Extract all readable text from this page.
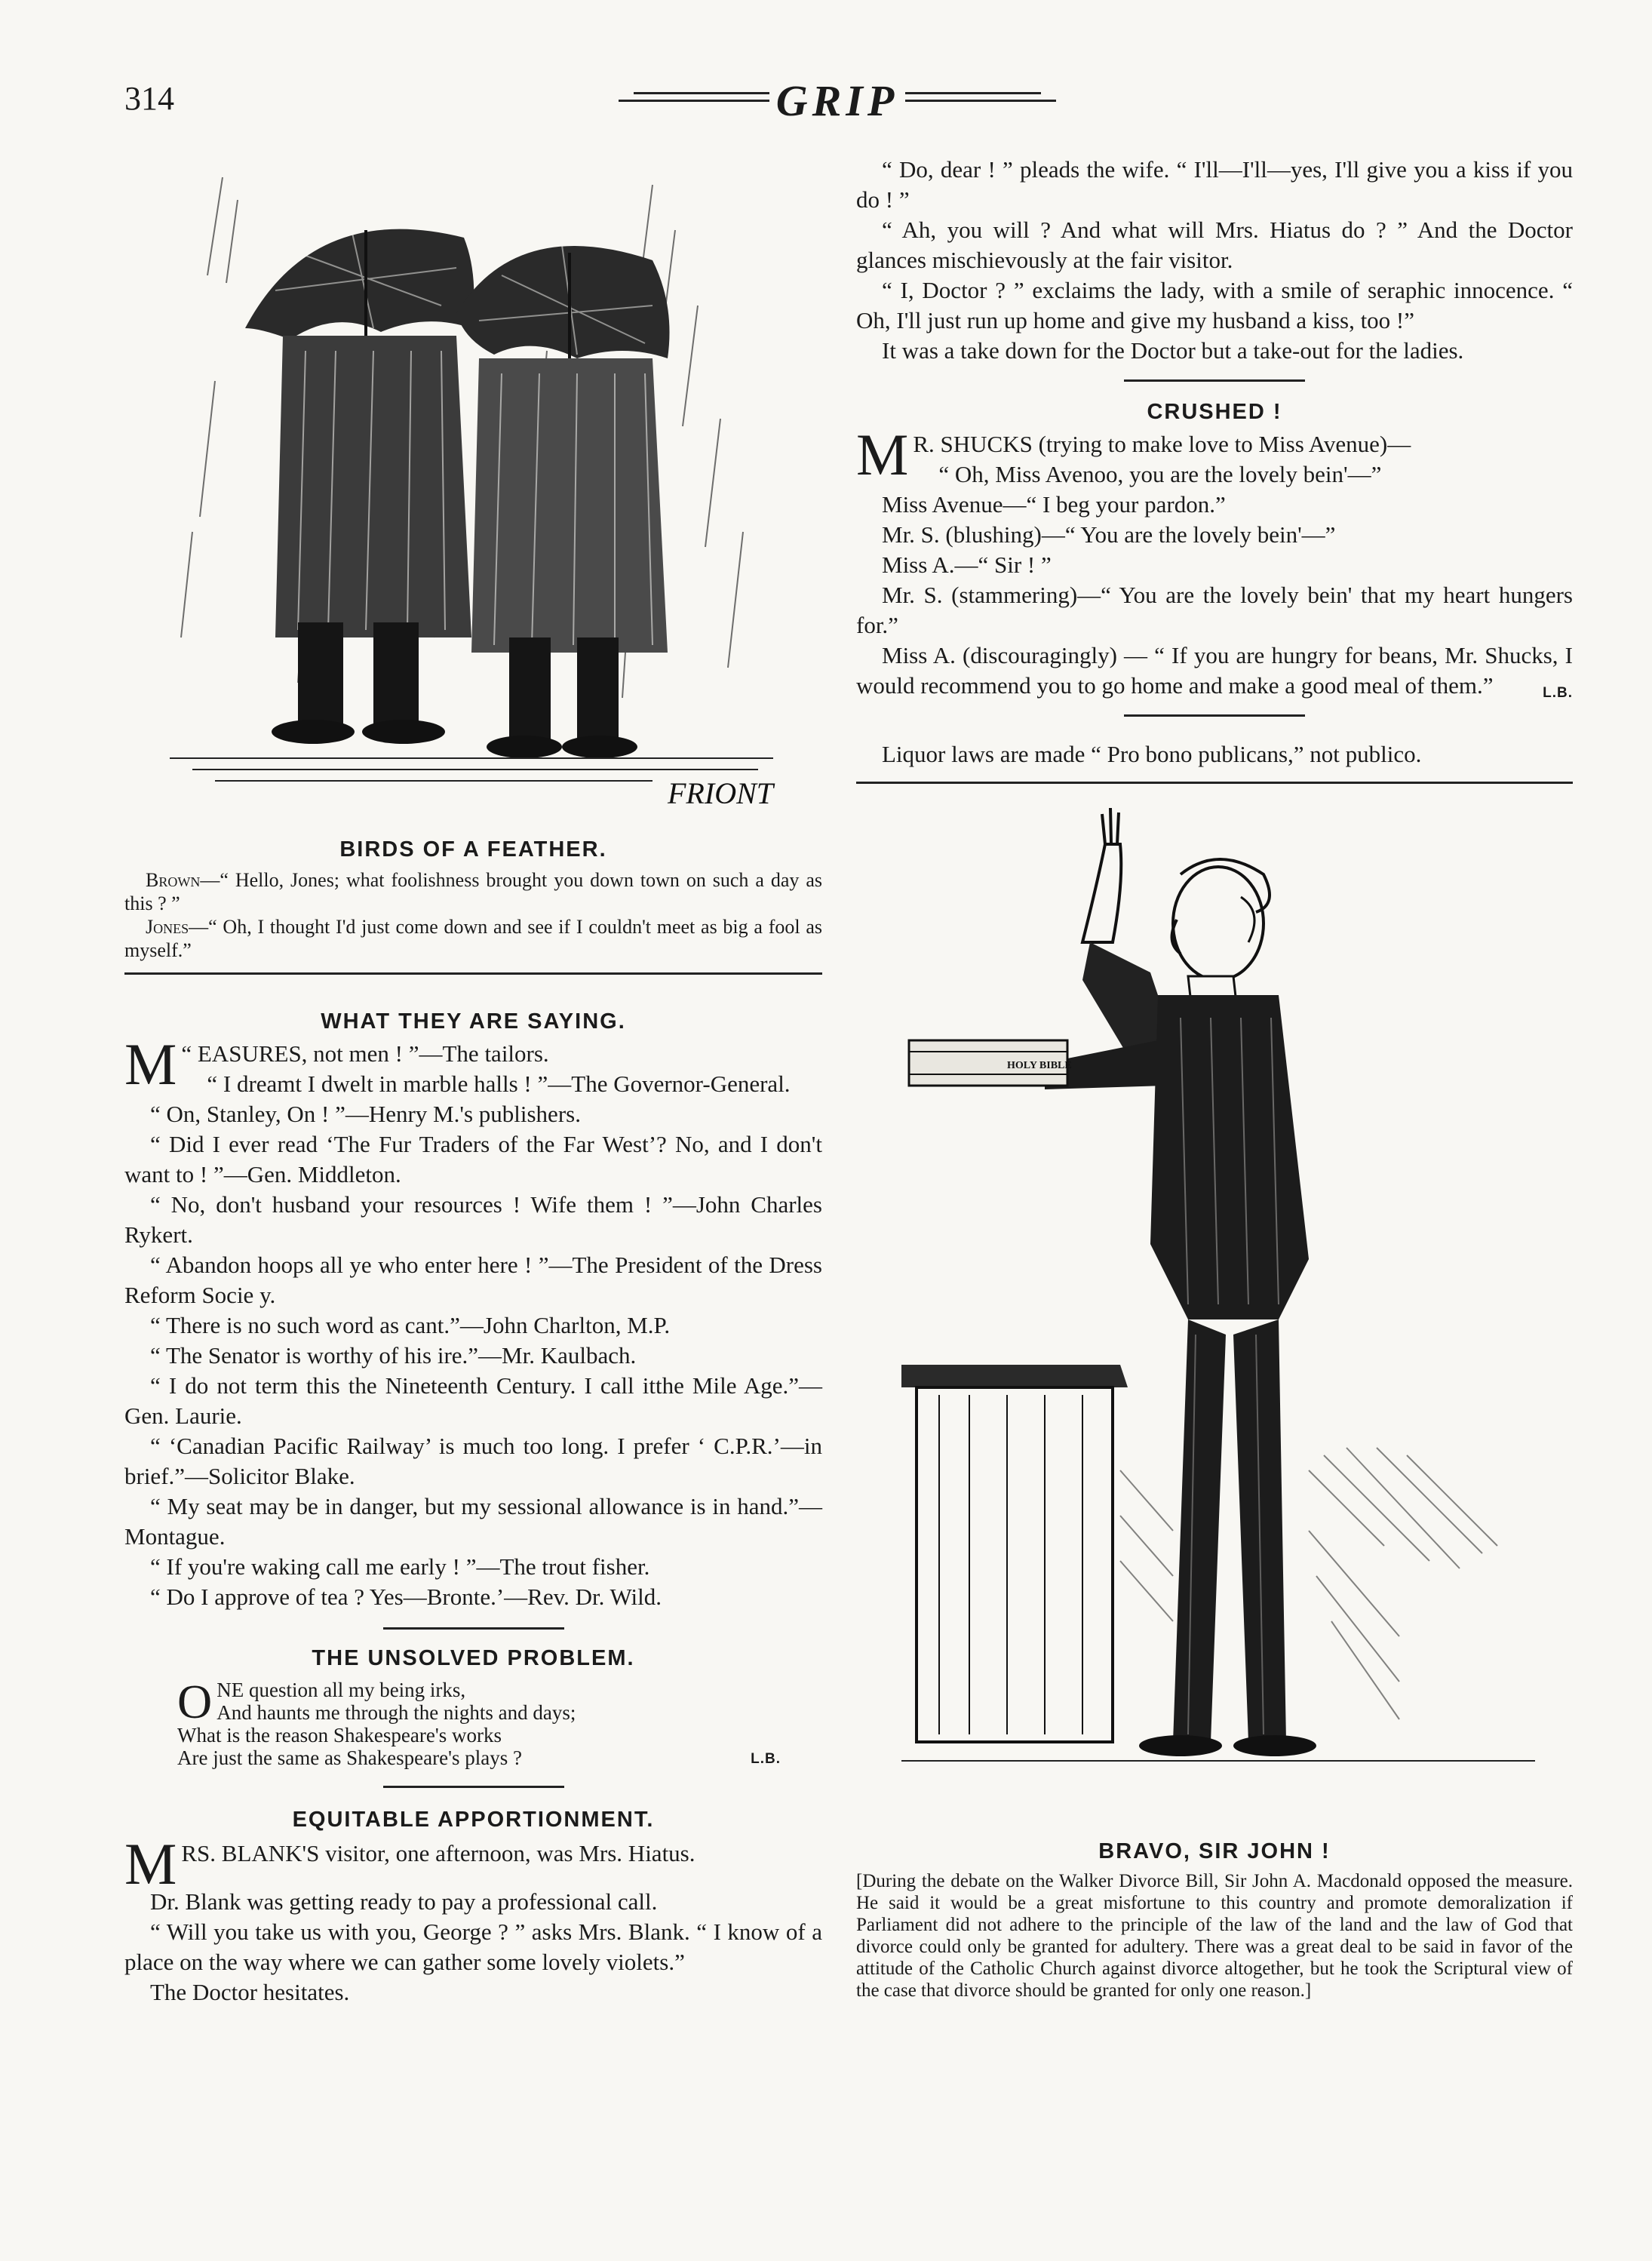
314	GRIP
FRIONT

BIRDS OF A FEATHER.

Brown—“ Hello, Jones; what foolishness brought you down town on such a day as this ? ”

Jones—“ Oh, I thought I'd just come down and see if I couldn't meet as big a fool as myself.”

WHAT THEY ARE SAYING.

“
M EASURES, not men ! ”—The tailors.

“ I dreamt I dwelt in marble halls ! ”—The Governor-General.

“ On, Stanley, On ! ”—Henry M.'s publishers.

“ Did I ever read ‘The Fur Traders of the Far West’? No, and I don't want to ! ”—Gen. Middleton.

“ No, don't husband your resources ! Wife them ! ”—John Charles Rykert.

“ Abandon hoops all ye who enter here ! ”—The President of the Dress Reform Socie y.

“ There is no such word as cant.”—John Charlton, M.P.

“ The Senator is worthy of his ire.”—Mr. Kaulbach.

“ I do not term this the Nineteenth Century. I call itthe Mile Age.”—Gen. Laurie.

“ ‘Canadian Pacific Railway’ is much too long. I prefer ‘ C.P.R.’—in brief.”—Solicitor Blake.

“ My seat may be in danger, but my sessional allowance is in hand.”—Montague.

“ If you're waking call me early ! ”—The trout fisher.

“ Do I approve of tea ? Yes—Bronte.’—Rev. Dr. Wild.

THE UNSOLVED PROBLEM.

O NE question all my being irks,

And haunts me through the nights and days;

What is the reason Shakespeare's works

Are just the same as Shakespeare's plays ?	L.B.

EQUITABLE APPORTIONMENT.

MRS. BLANK'S visitor, one afternoon, was Mrs. Hiatus.

Dr. Blank was getting ready to pay a professional call.

“ Will you take us with you, George ? ” asks Mrs. Blank. “ I know of a place on the way where we can gather some lovely violets.”

The Doctor hesitates.

“ Do, dear ! ” pleads the wife. “ I'll—I'll—yes, I'll give you a kiss if you do ! ”

“ Ah, you will ? And what will Mrs. Hiatus do ? ” And the Doctor glances mischievously at the fair visitor.

“ I, Doctor ? ” exclaims the lady, with a smile of seraphic innocence. “ Oh, I'll just run up home and give my husband a kiss, too !”

It was a take down for the Doctor but a take-out for the ladies.

CRUSHED !

M R. SHUCKS (trying to make love to Miss Avenue)—

“ Oh, Miss Avenoo, you are the lovely bein'—”

Miss Avenue—“ I beg your pardon.”

Mr. S. (blushing)—“ You are the lovely bein'—”

Miss A.—“ Sir ! ”

Mr. S. (stammering)—“ You are the lovely bein' that my heart hungers for.”

Miss A. (discouragingly) — “ If you are hungry for beans, Mr. Shucks, I would recommend you to go home and make a good meal of them.”	L.B.

Liquor laws are made “ Pro bono publicans,” not publico.

HOLY BIBLE

BRAVO, SIR JOHN !

[During the debate on the Walker Divorce Bill, Sir John A. Macdonald opposed the measure. He said it would be a great misfortune to this country and promote demoralization if Parliament did not adhere to the principle of the law of the land and the law of God that divorce could only be granted for adultery. There was a great deal to be said in favor of the attitude of the Catholic Church against divorce altogether, but he took the Scriptural view of the case that divorce should be granted for only one reason.]
